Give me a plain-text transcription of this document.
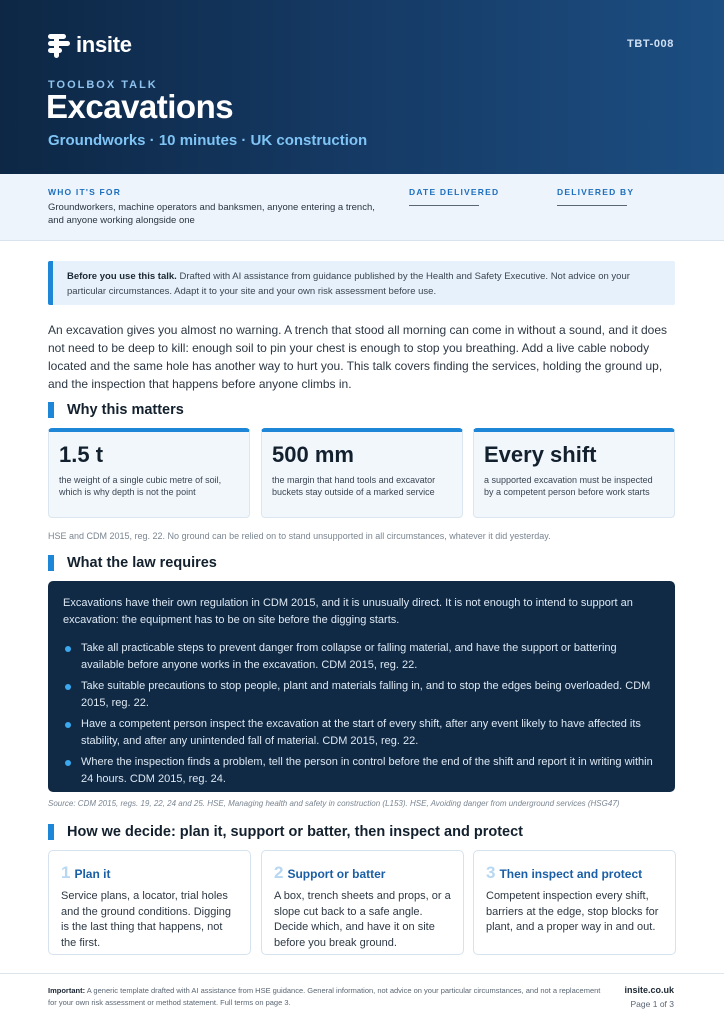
insite	TBT-008
TOOLBOX TALK
Excavations
Groundworks · 10 minutes · UK construction
WHO IT'S FOR
Groundworkers, machine operators and banksmen, anyone entering a trench, and anyone working alongside one
DATE DELIVERED	DELIVERED BY
Before you use this talk. Drafted with AI assistance from guidance published by the Health and Safety Executive. Not advice on your particular circumstances. Adapt it to your site and your own risk assessment before use.
An excavation gives you almost no warning. A trench that stood all morning can come in without a sound, and it does not need to be deep to kill: enough soil to pin your chest is enough to stop you breathing. Add a live cable nobody located and the same hole has another way to hurt you. This talk covers finding the services, holding the ground up, and the inspection that happens before anyone climbs in.
Why this matters
1.5 t
the weight of a single cubic metre of soil, which is why depth is not the point
500 mm
the margin that hand tools and excavator buckets stay outside of a marked service
Every shift
a supported excavation must be inspected by a competent person before work starts
HSE and CDM 2015, reg. 22. No ground can be relied on to stand unsupported in all circumstances, whatever it did yesterday.
What the law requires
Excavations have their own regulation in CDM 2015, and it is unusually direct. It is not enough to intend to support an excavation: the equipment has to be on site before the digging starts.
Take all practicable steps to prevent danger from collapse or falling material, and have the support or battering available before anyone works in the excavation. CDM 2015, reg. 22.
Take suitable precautions to stop people, plant and materials falling in, and to stop the edges being overloaded. CDM 2015, reg. 22.
Have a competent person inspect the excavation at the start of every shift, after any event likely to have affected its stability, and after any unintended fall of material. CDM 2015, reg. 22.
Where the inspection finds a problem, tell the person in control before the end of the shift and report it in writing within 24 hours. CDM 2015, reg. 24.
Source: CDM 2015, regs. 19, 22, 24 and 25. HSE, Managing health and safety in construction (L153). HSE, Avoiding danger from underground services (HSG47)
How we decide: plan it, support or batter, then inspect and protect
1 Plan it
Service plans, a locator, trial holes and the ground conditions. Digging is the last thing that happens, not the first.
2 Support or batter
A box, trench sheets and props, or a slope cut back to a safe angle. Decide which, and have it on site before you break ground.
3 Then inspect and protect
Competent inspection every shift, barriers at the edge, stop blocks for plant, and a proper way in and out.
Important: A generic template drafted with AI assistance from HSE guidance. General information, not advice on your particular circumstances, and not a replacement for your own risk assessment or method statement. Full terms on page 3.
insite.co.uk
Page 1 of 3
